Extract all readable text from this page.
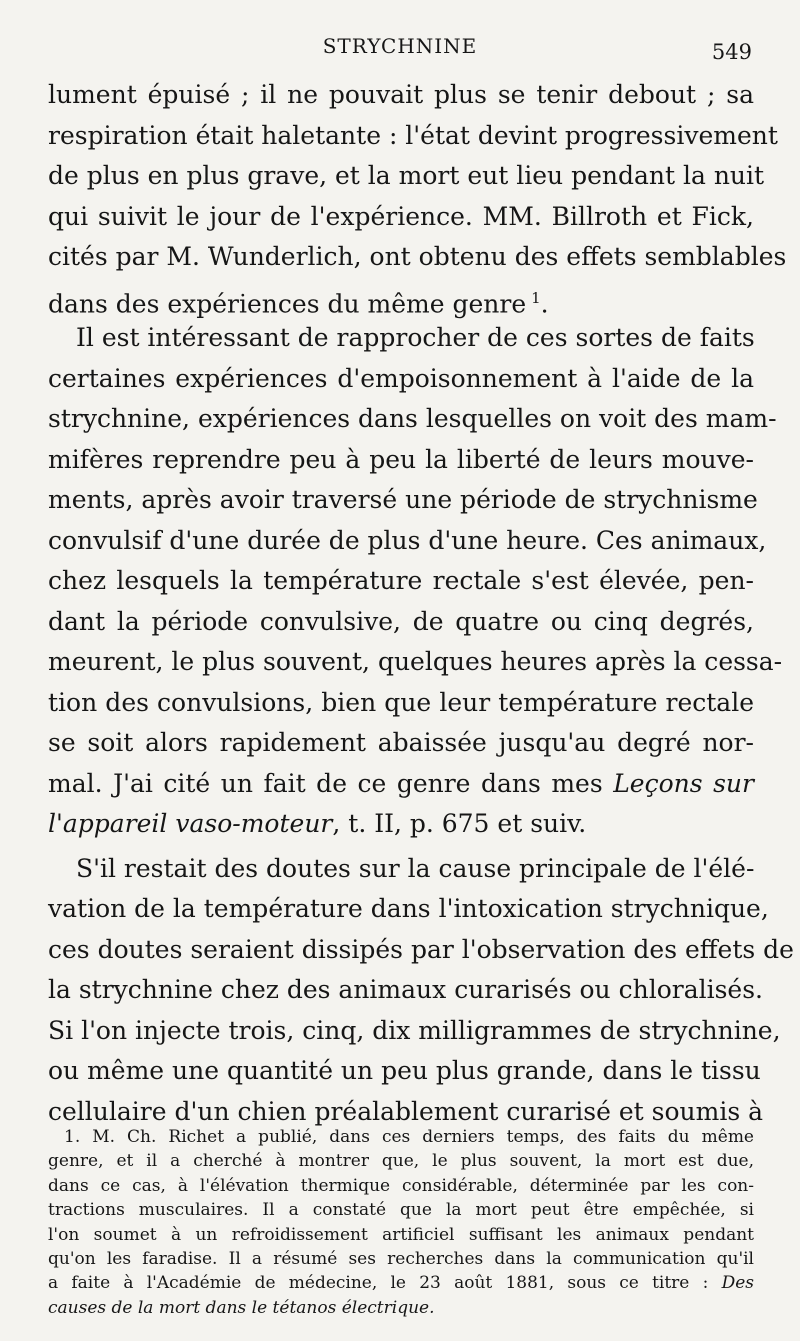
STRYCHNINE	549
lument épuisé ; il ne pouvait plus se tenir debout ; sa
respiration était haletante : l'état devint progressivement
de plus en plus grave, et la mort eut lieu pendant la nuit
qui suivit le jour de l'expérience. MM. Billroth et Fick,
cités par M. Wunderlich, ont obtenu des effets semblables
dans des expériences du même genre  $^1$.
Il est intéressant de rapprocher de ces sortes de faits
certaines expériences d'empoisonnement à l'aide de la
strychnine, expériences dans lesquelles on voit des mam-
mifères reprendre peu à peu la liberté de leurs mouve-
ments, après avoir traversé une période de strychnisme
convulsif d'une durée de plus d'une heure. Ces animaux,
chez lesquels la température rectale s'est élevée, pen-
dant la période convulsive, de quatre ou cinq degrés,
meurent, le plus souvent, quelques heures après la cessa-
tion des convulsions, bien que leur température rectale
se soit alors rapidement abaissée jusqu'au degré nor-
mal. J'ai cité un fait de ce genre dans mes Leçons sur
l'appareil vaso-moteur, t. II, p. 675 et suiv.
S'il restait des doutes sur la cause principale de l'élé-
vation de la température dans l'intoxication strychnique,
ces doutes seraient dissipés par l'observation des effets de
la strychnine chez des animaux curarisés ou chloralisés.
Si l'on injecte trois, cinq, dix milligrammes de strychnine,
ou même une quantité un peu plus grande, dans le tissu
cellulaire d'un chien préalablement curarisé et soumis à
1. M. Ch. Richet a publié, dans ces derniers temps, des faits du même
genre, et il a cherché à montrer que, le plus souvent, la mort est due,
dans ce cas, à l'élévation thermique considérable, déterminée par les con-
tractions musculaires. Il a constaté que la mort peut être empêchée, si
l'on soumet à un refroidissement artificiel suffisant les animaux pendant
qu'on les faradise. Il a résumé ses recherches dans la communication qu'il
a faite à l'Académie de médecine, le 23 août 1881, sous ce titre : Des
causes de la mort dans le tétanos électrique.
